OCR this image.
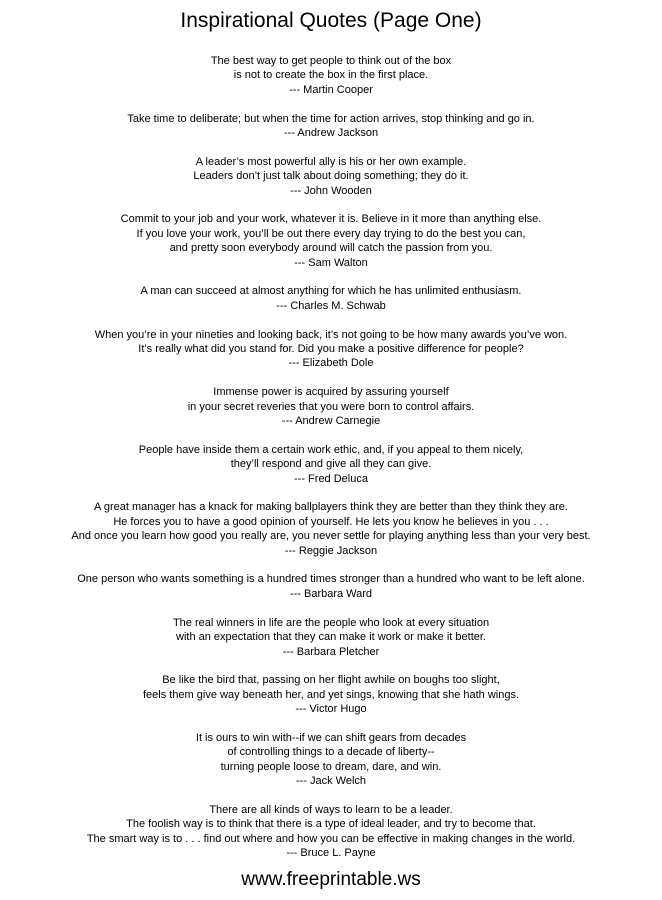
Inspirational Quotes (Page One)
The best way to get people to think out of the box
is not to create the box in the first place.
--- Martin Cooper
Take time to deliberate; but when the time for action arrives, stop thinking and go in.
--- Andrew Jackson
A leader’s most powerful ally is his or her own example.
Leaders don’t just talk about doing something; they do it.
--- John Wooden
Commit to your job and your work, whatever it is. Believe in it more than anything else.
If you love your work, you’ll be out there every day trying to do the best you can,
and pretty soon everybody around will catch the passion from you.
--- Sam Walton
A man can succeed at almost anything for which he has unlimited enthusiasm.
--- Charles M. Schwab
When you’re in your nineties and looking back, it’s not going to be how many awards you’ve won.
It’s really what did you stand for. Did you make a positive difference for people?
--- Elizabeth Dole
Immense power is acquired by assuring yourself
in your secret reveries that you were born to control affairs.
--- Andrew Carnegie
People have inside them a certain work ethic, and, if you appeal to them nicely,
they’ll respond and give all they can give.
--- Fred Deluca
A great manager has a knack for making ballplayers think they are better than they think they are.
He forces you to have a good opinion of yourself. He lets you know he believes in you . . .
And once you learn how good you really are, you never settle for playing anything less than your very best.
--- Reggie Jackson
One person who wants something is a hundred times stronger than a hundred who want to be left alone.
--- Barbara Ward
The real winners in life are the people who look at every situation
with an expectation that they can make it work or make it better.
--- Barbara Pletcher
Be like the bird that, passing on her flight awhile on boughs too slight,
feels them give way beneath her, and yet sings, knowing that she hath wings.
--- Victor Hugo
It is ours to win with--if we can shift gears from decades
of controlling things to a decade of liberty--
turning people loose to dream, dare, and win.
--- Jack Welch
There are all kinds of ways to learn to be a leader.
The foolish way is to think that there is a type of ideal leader, and try to become that.
The smart way is to . . . find out where and how you can be effective in making changes in the world.
--- Bruce L. Payne
www.freeprintable.ws
